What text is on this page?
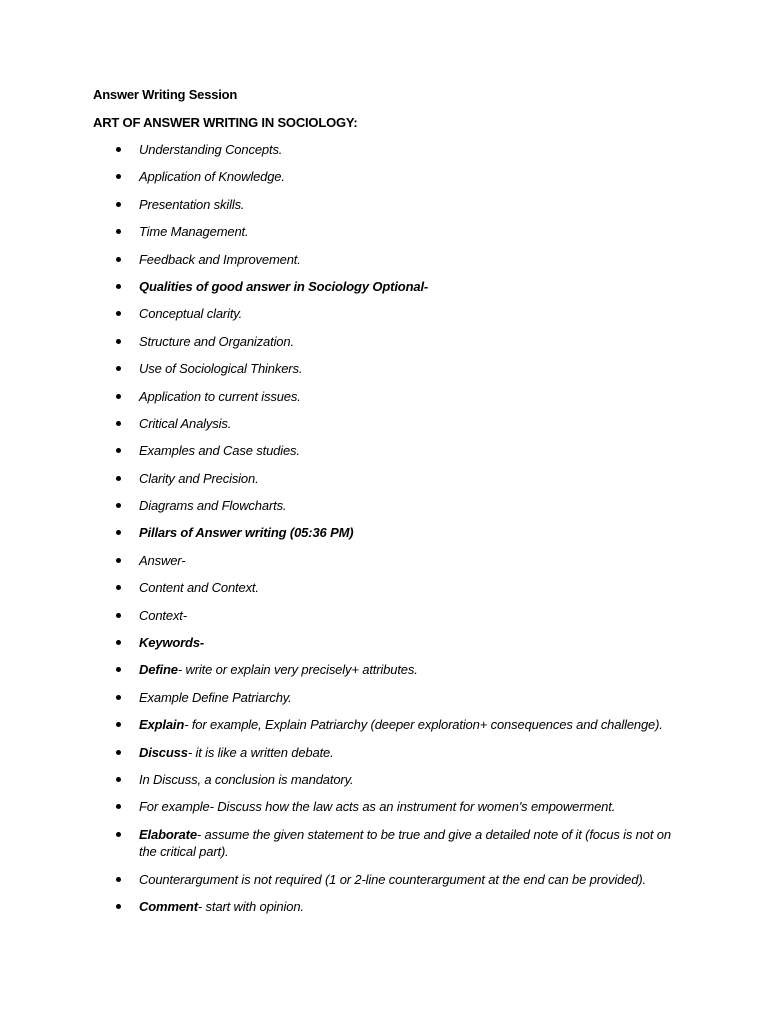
Answer Writing Session
ART OF ANSWER WRITING IN SOCIOLOGY:
Understanding Concepts.
Application of Knowledge.
Presentation skills.
Time Management.
Feedback and Improvement.
Qualities of good answer in Sociology Optional-
Conceptual clarity.
Structure and Organization.
Use of Sociological Thinkers.
Application to current issues.
Critical Analysis.
Examples and Case studies.
Clarity and Precision.
Diagrams and Flowcharts.
Pillars of Answer writing (05:36 PM)
Answer-
Content and Context.
Context-
Keywords-
Define- write or explain very precisely+ attributes.
Example Define Patriarchy.
Explain- for example, Explain Patriarchy (deeper exploration+ consequences and challenge).
Discuss- it is like a written debate.
In Discuss, a conclusion is mandatory.
For example- Discuss how the law acts as an instrument for women's empowerment.
Elaborate- assume the given statement to be true and give a detailed note of it (focus is not on the critical part).
Counterargument is not required (1 or 2-line counterargument at the end can be provided).
Comment- start with opinion.
